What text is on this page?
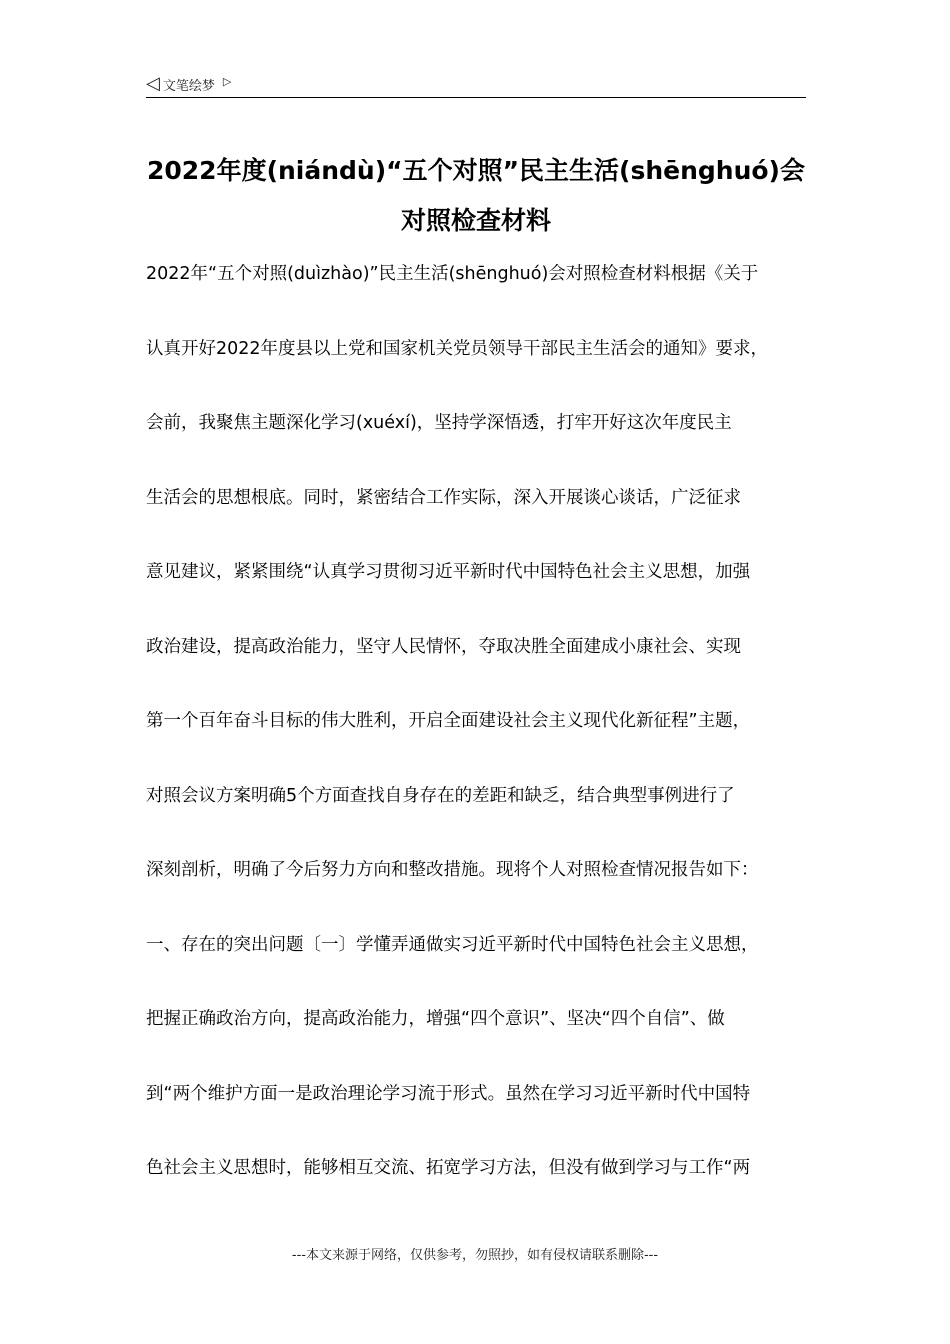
◁ 文笔绘梦 ▷
2022年度(niándù)“五个对照”民主生活(shēnghuó)会
对照检查材料
2022年“五个对照(duìzhào)”民主生活(shēnghuó)会对照检查材料根据《关于
认真开好2022年度县以上党和国家机关党员领导干部民主生活会的通知》要求，
会前，我聚焦主题深化学习(xuéxí)，坚持学深悟透，打牢开好这次年度民主
生活会的思想根底。同时，紧密结合工作实际，深入开展谈心谈话，广泛征求
意见建议，紧紧围绕“认真学习贯彻习近平新时代中国特色社会主义思想，加强
政治建设，提高政治能力，坚守人民情怀，夺取决胜全面建成小康社会、实现
第一个百年奋斗目标的伟大胜利，开启全面建设社会主义现代化新征程”主题，
对照会议方案明确5个方面查找自身存在的差距和缺乏，结合典型事例进行了
深刻剖析，明确了今后努力方向和整改措施。现将个人对照检查情况报告如下：
一、存在的突出问题〔一〕学懂弄通做实习近平新时代中国特色社会主义思想，
把握正确政治方向，提高政治能力，增强“四个意识”、坚决“四个自信”、做
到“两个维护方面一是政治理论学习流于形式。虽然在学习习近平新时代中国特
色社会主义思想时，能够相互交流、拓宽学习方法，但没有做到学习与工作“两
---本文来源于网络，仅供参考，勿照抄，如有侵权请联系删除---
